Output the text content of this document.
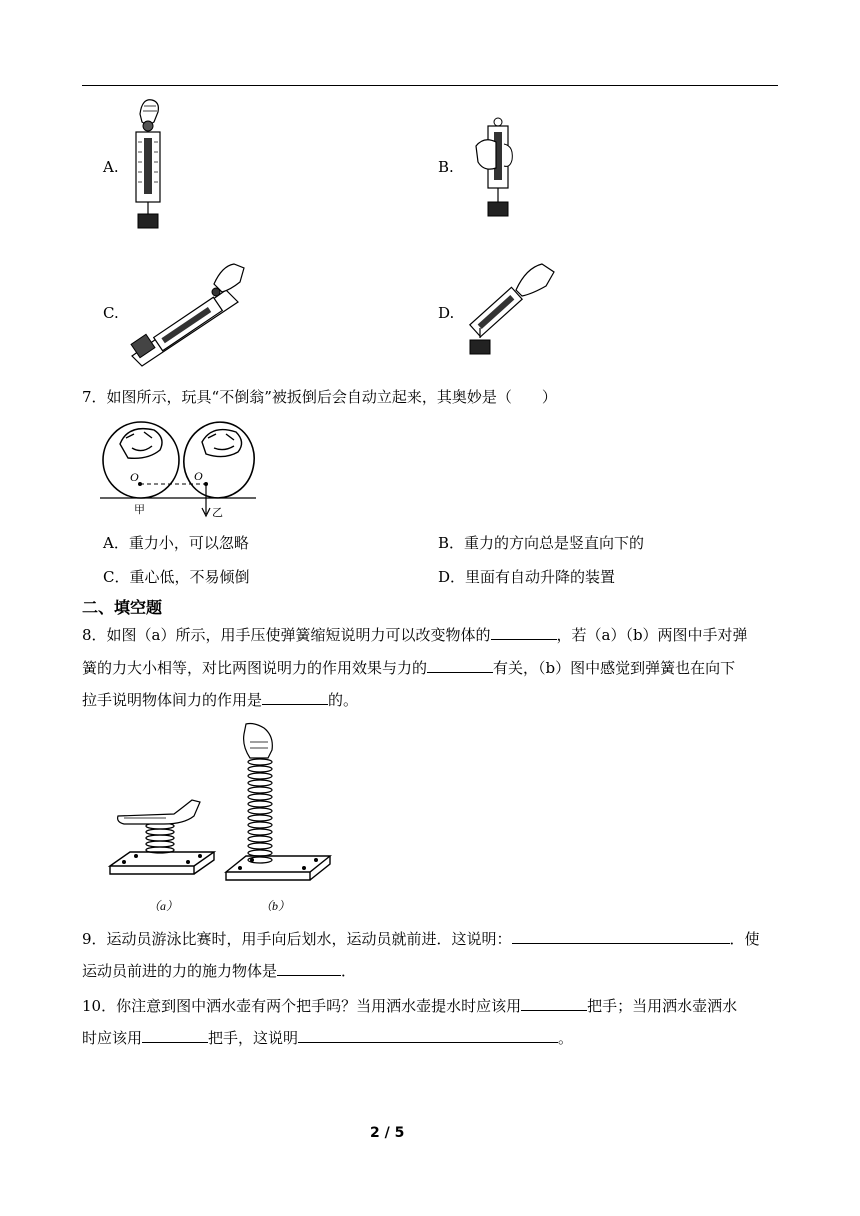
A.	B.
C.	D.
7．如图所示，玩具“不倒翁”被扳倒后会自动立起来，其奥妙是（　　）
O	O
甲	乙
A．重力小，可以忽略	B．重力的方向总是竖直向下的
C．重心低，不易倾倒	D．里面有自动升降的装置
二、填空题
8．如图（a）所示，用手压使弹簧缩短说明力可以改变物体的	，若（a）（b）两图中手对弹
簧的力大小相等，对比两图说明力的作用效果与力的	有关，（b）图中感觉到弹簧也在向下
拉手说明物体间力的作用是	的。
（a）	（b）
9．运动员游泳比赛时，用手向后划水，运动员就前进．这说明：	．使
运动员前进的力的施力物体是	．
10．你注意到图中洒水壶有两个把手吗？当用洒水壶提水时应该用	把手；当用洒水壶洒水
时应该用	把手，这说明	。
2 / 5
